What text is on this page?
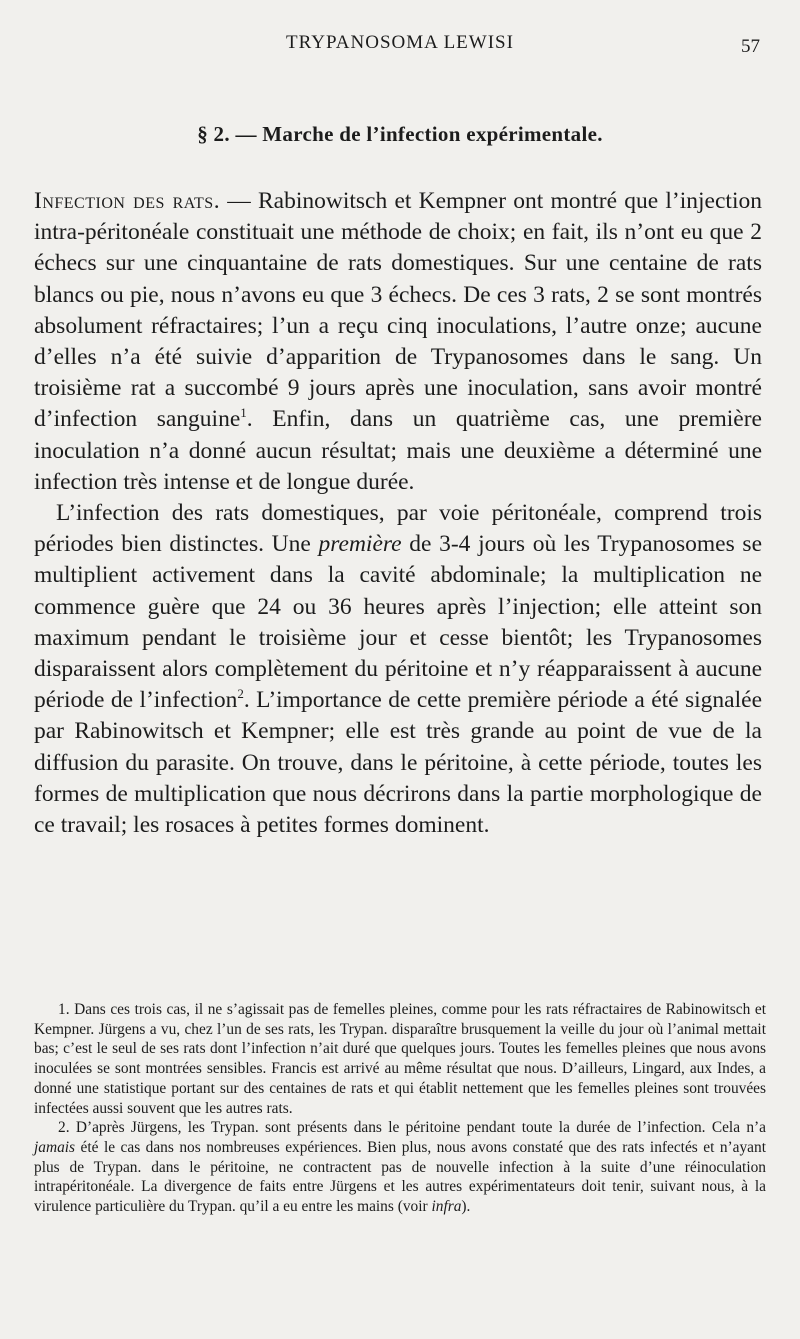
TRYPANOSOMA LEWISI	57
§ 2. — Marche de l’infection expérimentale.

Infection des rats. — Rabinowitsch et Kempner ont montré que l’injection intra-péritonéale constituait une méthode de choix; en fait, ils n’ont eu que 2 échecs sur une cinquantaine de rats domestiques. Sur une centaine de rats blancs ou pie, nous n’avons eu que 3 échecs. De ces 3 rats, 2 se sont montrés absolument réfractaires; l’un a reçu cinq inoculations, l’autre onze; aucune d’elles n’a été suivie d’apparition de Trypanosomes dans le sang. Un troisième rat a succombé 9 jours après une inoculation, sans avoir montré d’infection sanguine$^1$. Enfin, dans un quatrième cas, une première inoculation n’a donné aucun résultat; mais une deuxième a déterminé une infection très intense et de longue durée.

L’infection des rats domestiques, par voie péritonéale, comprend trois périodes bien distinctes. Une première de 3-4 jours où les Trypanosomes se multiplient activement dans la cavité abdominale; la multiplication ne commence guère que 24 ou 36 heures après l’injection; elle atteint son maximum pendant le troisième jour et cesse bientôt; les Trypanosomes disparaissent alors complètement du péritoine et n’y réapparaissent à aucune période de l’infection$^2$. L’importance de cette première période a été signalée par Rabinowitsch et Kempner; elle est très grande au point de vue de la diffusion du parasite. On trouve, dans le péritoine, à cette période, toutes les formes de multiplication que nous décrirons dans la partie morphologique de ce travail; les rosaces à petites formes dominent.

1. Dans ces trois cas, il ne s’agissait pas de femelles pleines, comme pour les rats réfractaires de Rabinowitsch et Kempner. Jürgens a vu, chez l’un de ses rats, les Trypan. disparaître brusquement la veille du jour où l’animal mettait bas; c’est le seul de ses rats dont l’infection n’ait duré que quelques jours. Toutes les femelles pleines que nous avons inoculées se sont montrées sensibles. Francis est arrivé au même résultat que nous. D’ailleurs, Lingard, aux Indes, a donné une statistique portant sur des centaines de rats et qui établit nettement que les femelles pleines sont trouvées infectées aussi souvent que les autres rats.

2. D’après Jürgens, les Trypan. sont présents dans le péritoine pendant toute la durée de l’infection. Cela n’a jamais été le cas dans nos nombreuses expériences. Bien plus, nous avons constaté que des rats infectés et n’ayant plus de Trypan. dans le péritoine, ne contractent pas de nouvelle infection à la suite d’une réinoculation intrapéritonéale. La divergence de faits entre Jürgens et les autres expérimentateurs doit tenir, suivant nous, à la virulence particulière du Trypan. qu’il a eu entre les mains (voir infra).
